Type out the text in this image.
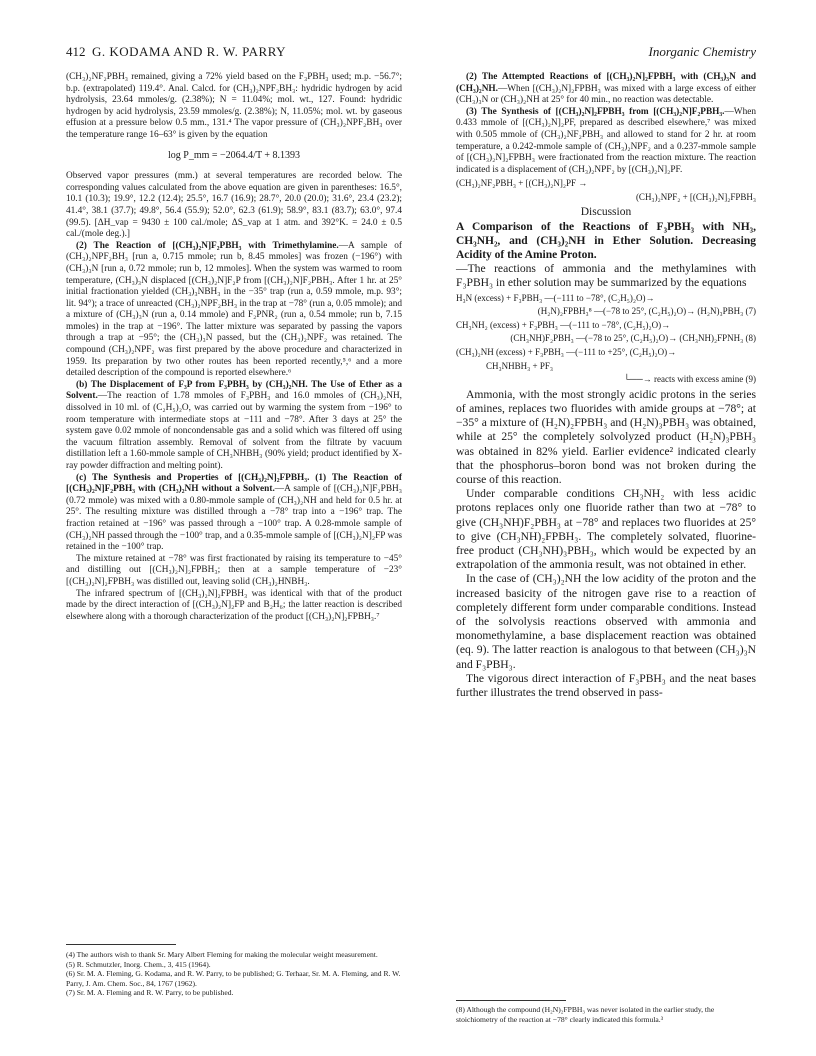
412 G. KODAMA AND R. W. PARRY	Inorganic Chemistry

(CH₃)₂NF₂PBH₃ remained, giving a 72% yield based on the F₃PBH₃ used; m.p. −56.7°; b.p. (extrapolated) 119.4°. Anal. Calcd. for (CH₃)₂NPF₂BH₃: hydridic hydrogen by acid hydrolysis, 23.64 mmoles/g. (2.38%); N = 11.04%; mol. wt., 127. Found: hydridic hydrogen by acid hydrolysis, 23.59 mmoles/g. (2.38%); N, 11.05%; mol. wt. by gaseous effusion at a pressure below 0.5 mm., 131.⁴ The vapor pressure of (CH₃)₂NPF₂BH₃ over the temperature range 16–63° is given by the equation

log P_mm = −2064.4/T + 8.1393

Observed vapor pressures (mm.) at several temperatures are recorded below. The corresponding values calculated from the above equation are given in parentheses: 16.5°, 10.1 (10.3); 19.9°, 12.2 (12.4); 25.5°, 16.7 (16.9); 28.7°, 20.0 (20.0); 31.6°, 23.4 (23.2); 41.4°, 38.1 (37.7); 49.8°, 56.4 (55.9); 52.0°, 62.3 (61.9); 58.9°, 83.1 (83.7); 63.0°, 97.4 (99.5). [ΔH_vap = 9430 ± 100 cal./mole; ΔS_vap at 1 atm. and 392°K. = 24.0 ± 0.5 cal./(mole deg.).]

(2) The Reaction of [(CH₃)₂N]F₂PBH₃ with Trimethylamine.—A sample of (CH₃)₂NPF₂BH₃ [run a, 0.715 mmole; run b, 8.45 mmoles] was frozen (−196°) with (CH₃)₃N [run a, 0.72 mmole; run b, 12 mmoles]. When the system was warmed to room temperature, (CH₃)₃N displaced [(CH₃)₂N]F₂P from [(CH₃)₂N]F₂PBH₃. After 1 hr. at 25° initial fractionation yielded (CH₃)₃NBH₃ in the −35° trap (run a, 0.59 mmole, m.p. 93°; lit. 94°); a trace of unreacted (CH₃)₂NPF₂BH₃ in the trap at −78° (run a, 0.05 mmole); and a mixture of (CH₃)₃N (run a, 0.14 mmole) and F₂PNR₂ (run a, 0.54 mmole; run b, 7.15 mmoles) in the trap at −196°. The latter mixture was separated by passing the vapors through a trap at −95°; the (CH₃)₃N passed, but the (CH₃)₂NPF₂ was retained. The compound (CH₃)₂NPF₂ was first prepared by the above procedure and characterized in 1959. Its preparation by two other routes has been reported recently,⁵,⁶ and a more detailed description of the compound is reported elsewhere.⁶

(b) The Displacement of F₃P from F₃PBH₃ by (CH₃)₂NH. The Use of Ether as a Solvent.—The reaction of 1.78 mmoles of F₃PBH₃ and 16.0 mmoles of (CH₃)₂NH, dissolved in 10 ml. of (C₂H₅)₂O, was carried out by warming the system from −196° to room temperature with intermediate stops at −111 and −78°. After 3 days at 25° the system gave 0.02 mmole of noncondensable gas and a solid which was filtered off using the vacuum filtration assembly. Removal of solvent from the filtrate by vacuum distillation left a 1.60-mmole sample of CH₃NHBH₃ (90% yield; product identified by X-ray powder diffraction and melting point).

(c) The Synthesis and Properties of [(CH₃)₂N]₂FPBH₃. (1) The Reaction of [(CH₃)₂N]F₂PBH₃ with (CH₃)₂NH without a Solvent.—A sample of [(CH₃)₂N]F₂PBH₃ (0.72 mmole) was mixed with a 0.80-mmole sample of (CH₃)₂NH and held for 0.5 hr. at 25°. The resulting mixture was distilled through a −78° trap into a −196° trap. The fraction retained at −196° was passed through a −100° trap. A 0.28-mmole sample of (CH₃)₂NH passed through the −100° trap, and a 0.35-mmole sample of [(CH₃)₂N]₂FP was retained in the −100° trap.

The mixture retained at −78° was first fractionated by raising its temperature to −45° and distilling out [(CH₃)₂N]₂FPBH₃; then at a sample temperature of −23° [(CH₃)₂N]₂FPBH₃ was distilled out, leaving solid (CH₃)₂HNBH₃.

The infrared spectrum of [(CH₃)₂N]₂FPBH₃ was identical with that of the product made by the direct interaction of [(CH₃)₂N]₂FP and B₂H₆; the latter reaction is described elsewhere along with a thorough characterization of the product [(CH₃)₂N]₂FPBH₃.⁷

(4) The authors wish to thank Sr. Mary Albert Fleming for making the molecular weight measurement.
(5) R. Schmutzler, Inorg. Chem., 3, 415 (1964).
(6) Sr. M. A. Fleming, G. Kodama, and R. W. Parry, to be published; G. Terhaar, Sr. M. A. Fleming, and R. W. Parry, J. Am. Chem. Soc., 84, 1767 (1962).
(7) Sr. M. A. Fleming and R. W. Parry, to be published.

(2) The Attempted Reactions of [(CH₃)₂N]₂FPBH₃ with (CH₃)₃N and (CH₃)₂NH.—When [(CH₃)₂N]₂FPBH₃ was mixed with a large excess of either (CH₃)₃N or (CH₃)₂NH at 25° for 40 min., no reaction was detectable.

(3) The Synthesis of [(CH₃)₂N]₂FPBH₃ from [(CH₃)₂N]F₂PBH₃.—When 0.433 mmole of [(CH₃)₂N]₂PF, prepared as described elsewhere,⁷ was mixed with 0.505 mmole of (CH₃)₂NF₂PBH₃ and allowed to stand for 2 hr. at room temperature, a 0.242-mmole sample of (CH₃)₂NPF₂ and a 0.237-mmole sample of [(CH₃)₂N]₂FPBH₃ were fractionated from the reaction mixture. The reaction indicated is a displacement of (CH₃)₂NPF₂ by [(CH₃)₂N]₂PF.

(CH₃)₂NF₂PBH₃ + [(CH₃)₂N]₂PF →
(CH₃)₂NPF₂ + [(CH₃)₂N]₂FPBH₃
Discussion

A Comparison of the Reactions of F₃PBH₃ with NH₃, CH₃NH₂, and (CH₃)₂NH in Ether Solution. Decreasing Acidity of the Amine Proton.

—The reactions of ammonia and the methylamines with F₃PBH₃ in ether solution may be summarized by the equations

H₃N (excess) + F₃PBH₃ —(−111 to −78°, (C₂H₅)₂O)→
(H₂N)₂FPBH₃⁸ —(−78 to 25°, (C₂H₅)₂O)→ (H₂N)₃PBH₃ (7)
CH₃NH₂ (excess) + F₃PBH₃ —(−111 to −78°, (C₂H₅)₂O)→
(CH₃NH)F₂PBH₃ —(−78 to 25°, (C₂H₅)₂O)→ (CH₃NH)₂FPNH₃ (8)
(CH₃)₂NH (excess) + F₃PBH₃ —(−111 to +25°, (C₂H₅)₂O)→
CH₃NHBH₃ + PF₃
└──→ reacts with excess amine (9)

Ammonia, with the most strongly acidic protons in the series of amines, replaces two fluorides with amide groups at −78°; at −35° a mixture of (H₂N)₂FPBH₃ and (H₂N)₃PBH₃ was obtained, while at 25° the completely solvolyzed product (H₂N)₃PBH₃ was obtained in 82% yield. Earlier evidence² indicated clearly that the phosphorus–boron bond was not broken during the course of this reaction.

Under comparable conditions CH₃NH₂ with less acidic protons replaces only one fluoride rather than two at −78° to give (CH₃NH)F₂PBH₃ at −78° and replaces two fluorides at 25° to give (CH₃NH)₂FPBH₃. The completely solvated, fluorine-free product (CH₃NH)₃PBH₃, which would be expected by an extrapolation of the ammonia result, was not obtained in ether.

In the case of (CH₃)₂NH the low acidity of the proton and the increased basicity of the nitrogen gave rise to a reaction of completely different form under comparable conditions. Instead of the solvolysis reactions observed with ammonia and monomethylamine, a base displacement reaction was obtained (eq. 9). The latter reaction is analogous to that between (CH₃)₃N and F₃PBH₃.

The vigorous direct interaction of F₃PBH₃ and the neat bases further illustrates the trend observed in pass-

(8) Although the compound (H₂N)₂FPBH₃ was never isolated in the earlier study, the stoichiometry of the reaction at −78° clearly indicated this formula.³
